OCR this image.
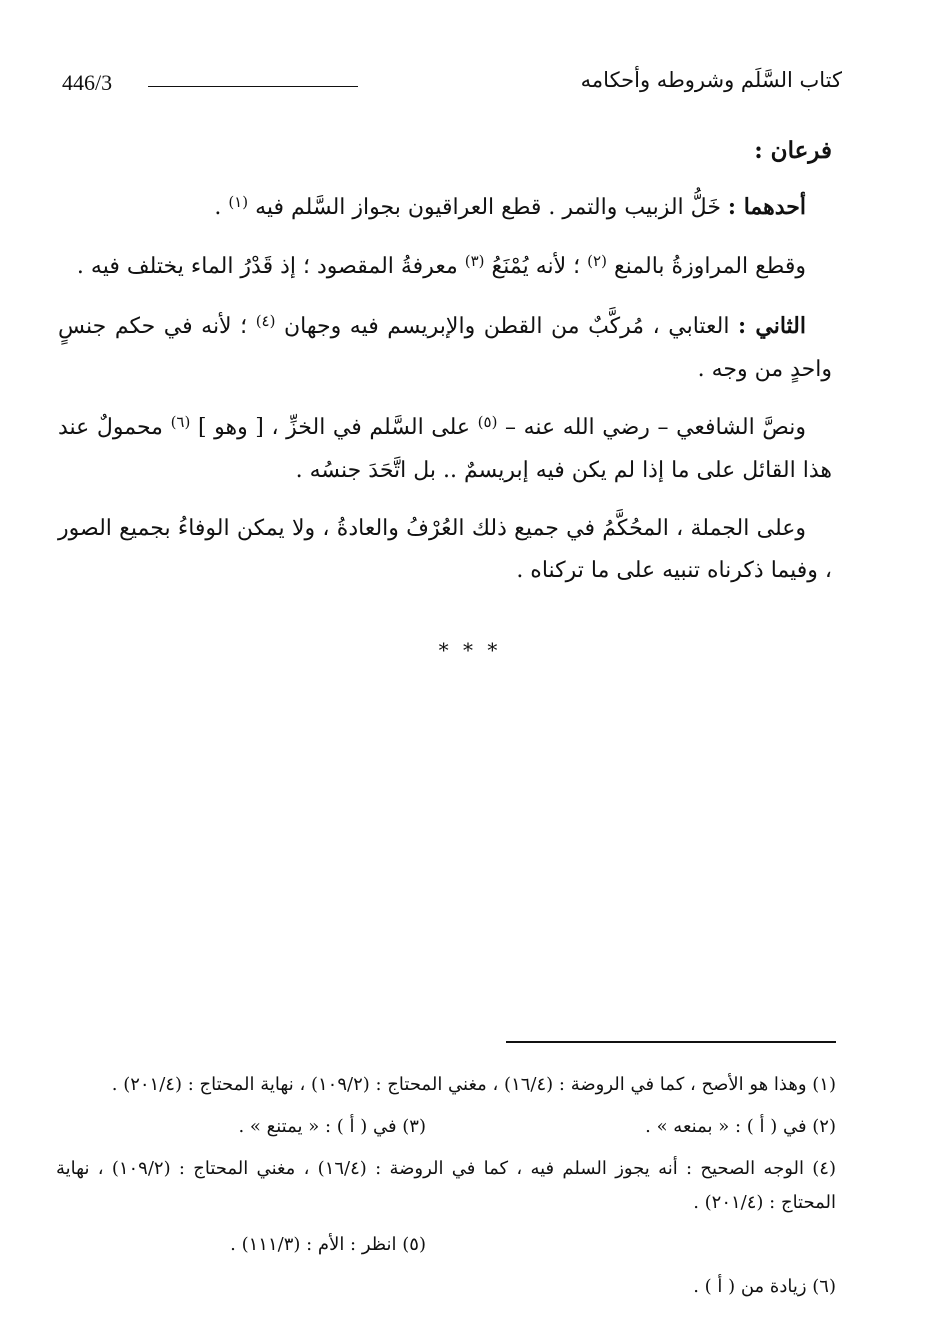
446/3	كتاب السَّلَم وشروطه وأحكامه

فرعان :

أحدهما : خَلُّ الزبيب والتمر . قطع العراقيون بجواز السَّلم فيه $^{(١)}$ .

وقطع المراوزةُ بالمنع $^{(٢)}$ ؛ لأنه يُمْنَعُ $^{(٣)}$ معرفةُ المقصود ؛ إذ قَدْرُ الماء يختلف فيه .

الثاني : العتابي ، مُركَّبٌ من القطن والإبريسم فيه وجهان $^{(٤)}$ ؛ لأنه في حكم جنسٍ واحدٍ من وجه .

ونصَّ الشافعي – رضي الله عنه – $^{(٥)}$ على السَّلم في الخزِّ ، [ وهو ] $^{(٦)}$ محمولٌ عند هذا القائل على ما إذا لم يكن فيه إبريسمٌ .. بل اتَّحَدَ جنسُه .

وعلى الجملة ، المحُكَّمُ في جميع ذلك العُرْفُ والعادةُ ، ولا يمكن الوفاءُ بجميع الصور ، وفيما ذكرناه تنبيه على ما تركناه .

* * *

(١) وهذا هو الأصح ، كما في الروضة : (١٦/٤) ، مغني المحتاج : (١٠٩/٢) ، نهاية المحتاج : (٢٠١/٤) .

(٢) في ( أ ) : « بمنعه » .
(٣) في ( أ ) : « يمتنع » .

(٤) الوجه الصحيح : أنه يجوز السلم فيه ، كما في الروضة : (١٦/٤) ، مغني المحتاج : (١٠٩/٢) ، نهاية المحتاج : (٢٠١/٤) .

(٥) انظر : الأم : (١١١/٣) .

(٦) زيادة من ( أ ) .
